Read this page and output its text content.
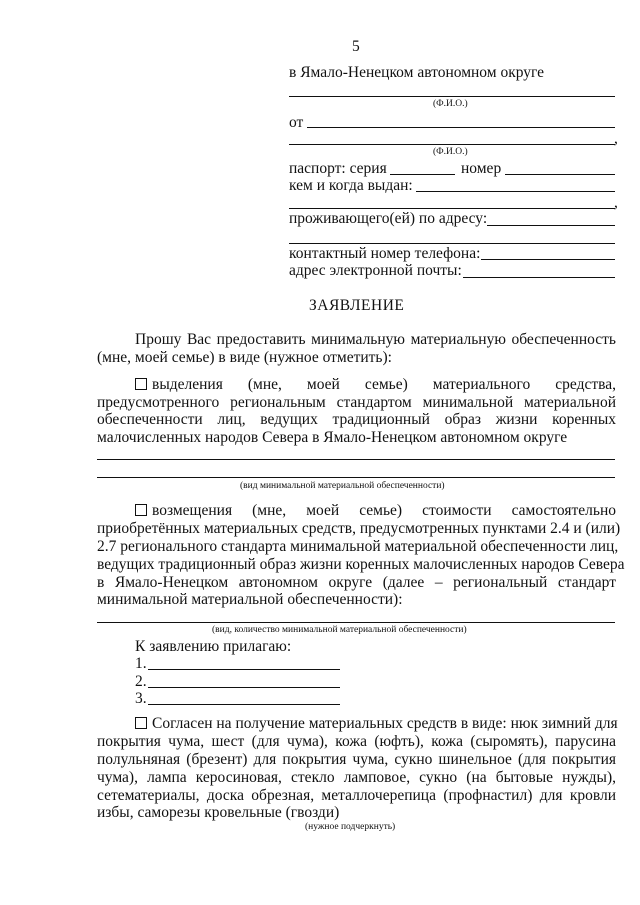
5
в Ямало-Ненецком автономном округе
(Ф.И.О.)
от
,
(Ф.И.О.)
паспорт: серия	номер
кем и когда выдан:
,
проживающего(ей) по адресу:
контактный номер телефона:
адрес электронной почты:
ЗАЯВЛЕНИЕ
Прошу Вас предоставить минимальную материальную обеспеченность
(мне, моей семье) в виде (нужное отметить):
выделения (мне, моей семье) материального средства,
предусмотренного региональным стандартом минимальной материальной
обеспеченности лиц, ведущих традиционный образ жизни коренных
малочисленных народов Севера в Ямало-Ненецком автономном округе
(вид минимальной материальной обеспеченности)
возмещения (мне, моей семье) стоимости самостоятельно
приобретённых материальных средств, предусмотренных пунктами 2.4 и (или)
2.7 регионального стандарта минимальной материальной обеспеченности лиц,
ведущих традиционный образ жизни коренных малочисленных народов Севера
в Ямало-Ненецком автономном округе (далее – региональный стандарт
минимальной материальной обеспеченности):
(вид, количество минимальной материальной обеспеченности)
К заявлению прилагаю:
1.
2.
3.
Согласен на получение материальных средств в виде: нюк зимний для
покрытия чума, шест (для чума), кожа (юфть), кожа (сыромять), парусина
полульняная (брезент) для покрытия чума, сукно шинельное (для покрытия
чума), лампа керосиновая, стекло ламповое, сукно (на бытовые нужды),
сетематериалы, доска обрезная, металлочерепица (профнастил) для кровли
избы, саморезы кровельные (гвозди)
(нужное подчеркнуть)
